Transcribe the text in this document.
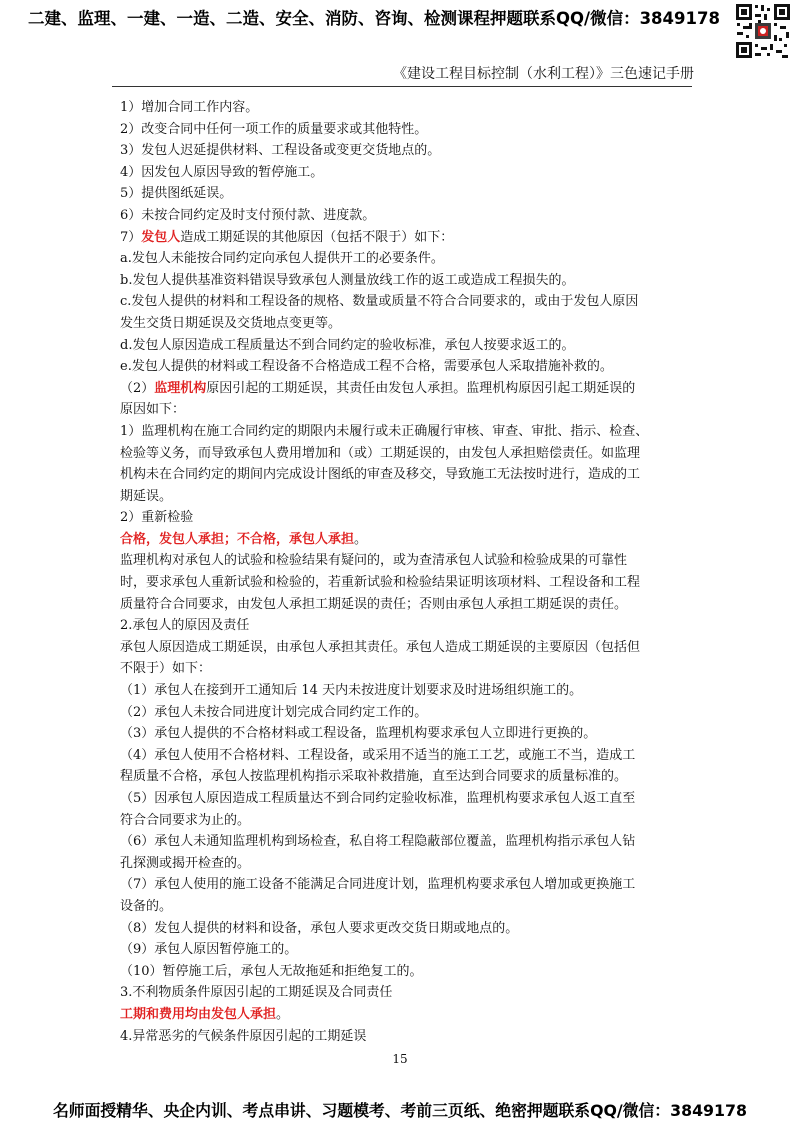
二建、监理、一建、一造、二造、安全、消防、咨询、检测课程押题联系QQ/微信：3849178
《建设工程目标控制（水利工程）》三色速记手册
1）增加合同工作内容。
2）改变合同中任何一项工作的质量要求或其他特性。
3）发包人迟延提供材料、工程设备或变更交货地点的。
4）因发包人原因导致的暂停施工。
5）提供图纸延误。
6）未按合同约定及时支付预付款、进度款。
7）发包人造成工期延误的其他原因（包括不限于）如下：
a.发包人未能按合同约定向承包人提供开工的必要条件。
b.发包人提供基准资料错误导致承包人测量放线工作的返工或造成工程损失的。
c.发包人提供的材料和工程设备的规格、数量或质量不符合合同要求的，或由于发包人原因
发生交货日期延误及交货地点变更等。
d.发包人原因造成工程质量达不到合同约定的验收标准，承包人按要求返工的。
e.发包人提供的材料或工程设备不合格造成工程不合格，需要承包人采取措施补救的。
（2）监理机构原因引起的工期延误，其责任由发包人承担。监理机构原因引起工期延误的
原因如下：
1）监理机构在施工合同约定的期限内未履行或未正确履行审核、审查、审批、指示、检查、
检验等义务，而导致承包人费用增加和（或）工期延误的，由发包人承担赔偿责任。如监理
机构未在合同约定的期间内完成设计图纸的审查及移交，导致施工无法按时进行，造成的工
期延误。
2）重新检验
合格，发包人承担；不合格，承包人承担。
监理机构对承包人的试验和检验结果有疑问的，或为查清承包人试验和检验成果的可靠性
时，要求承包人重新试验和检验的，若重新试验和检验结果证明该项材料、工程设备和工程
质量符合合同要求，由发包人承担工期延误的责任；否则由承包人承担工期延误的责任。
2.承包人的原因及责任
承包人原因造成工期延误，由承包人承担其责任。承包人造成工期延误的主要原因（包括但
不限于）如下：
（1）承包人在接到开工通知后 14 天内未按进度计划要求及时进场组织施工的。
（2）承包人未按合同进度计划完成合同约定工作的。
（3）承包人提供的不合格材料或工程设备，监理机构要求承包人立即进行更换的。
（4）承包人使用不合格材料、工程设备，或采用不适当的施工工艺，或施工不当，造成工
程质量不合格，承包人按监理机构指示采取补救措施，直至达到合同要求的质量标准的。
（5）因承包人原因造成工程质量达不到合同约定验收标准，监理机构要求承包人返工直至
符合合同要求为止的。
（6）承包人未通知监理机构到场检查，私自将工程隐蔽部位覆盖，监理机构指示承包人钻
孔探测或揭开检查的。
（7）承包人使用的施工设备不能满足合同进度计划，监理机构要求承包人增加或更换施工
设备的。
（8）发包人提供的材料和设备，承包人要求更改交货日期或地点的。
（9）承包人原因暂停施工的。
（10）暂停施工后，承包人无故拖延和拒绝复工的。
3.不利物质条件原因引起的工期延误及合同责任
工期和费用均由发包人承担。
4.异常恶劣的气候条件原因引起的工期延误
15
名师面授精华、央企内训、考点串讲、习题模考、考前三页纸、绝密押题联系QQ/微信：3849178
